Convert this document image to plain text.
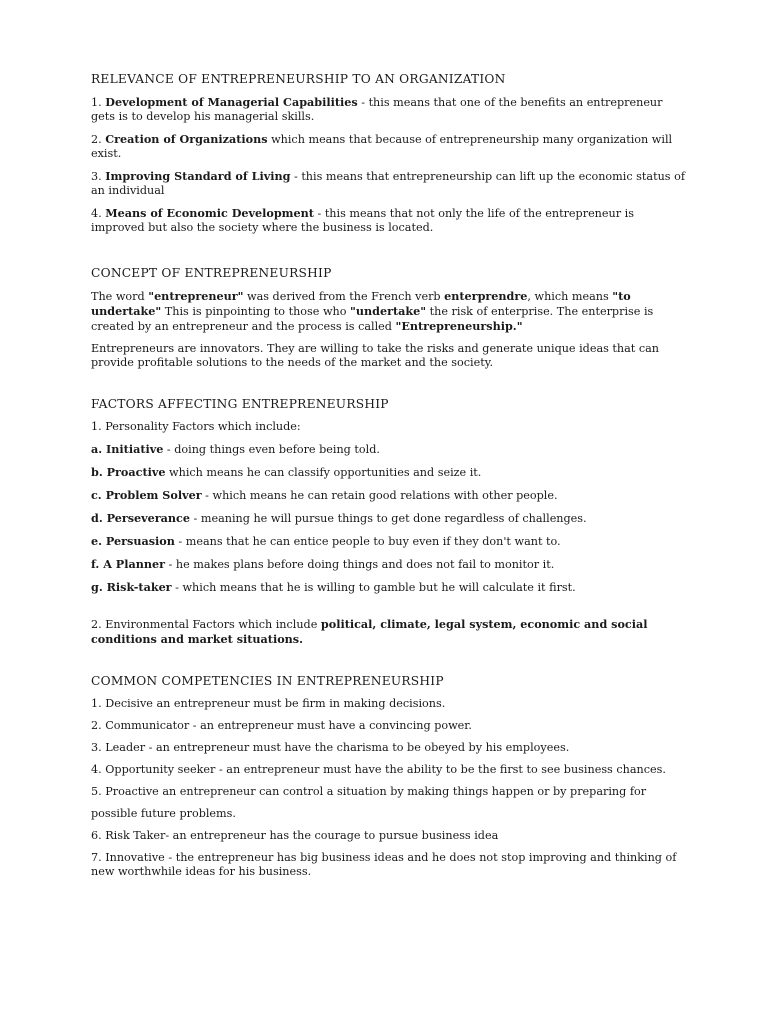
RELEVANCE OF ENTREPRENEURSHIP TO AN ORGANIZATION

1. Development of Managerial Capabilities - this means that one of the benefits an entrepreneur gets is to develop his managerial skills.

2. Creation of Organizations which means that because of entrepreneurship many organization will exist.

3. Improving Standard of Living - this means that entrepreneurship can lift up the economic status of an individual

4. Means of Economic Development - this means that not only the life of the entrepreneur is improved but also the society where the business is located.

CONCEPT OF ENTREPRENEURSHIP

The word "entrepreneur" was derived from the French verb enterprendre, which means "to undertake" This is pinpointing to those who "undertake" the risk of enterprise. The enterprise is created by an entrepreneur and the process is called "Entrepreneurship."

Entrepreneurs are innovators. They are willing to take the risks and generate unique ideas that can provide profitable solutions to the needs of the market and the society.

FACTORS AFFECTING ENTREPRENEURSHIP

1. Personality Factors which include:

a. Initiative - doing things even before being told.

b. Proactive which means he can classify opportunities and seize it.

c. Problem Solver - which means he can retain good relations with other people.

d. Perseverance - meaning he will pursue things to get done regardless of challenges.

e. Persuasion - means that he can entice people to buy even if they don't want to.

f. A Planner - he makes plans before doing things and does not fail to monitor it.

g. Risk-taker - which means that he is willing to gamble but he will calculate it first.

2. Environmental Factors which include political, climate, legal system, economic and social conditions and market situations.

COMMON COMPETENCIES IN ENTREPRENEURSHIP

1. Decisive an entrepreneur must be firm in making decisions.

2. Communicator - an entrepreneur must have a convincing power.

3. Leader - an entrepreneur must have the charisma to be obeyed by his employees.

4. Opportunity seeker - an entrepreneur must have the ability to be the first to see business chances.

5. Proactive an entrepreneur can control a situation by making things happen or by preparing for

possible future problems.

6. Risk Taker- an entrepreneur has the courage to pursue business idea

7. Innovative - the entrepreneur has big business ideas and he does not stop improving and thinking of new worthwhile ideas for his business.
